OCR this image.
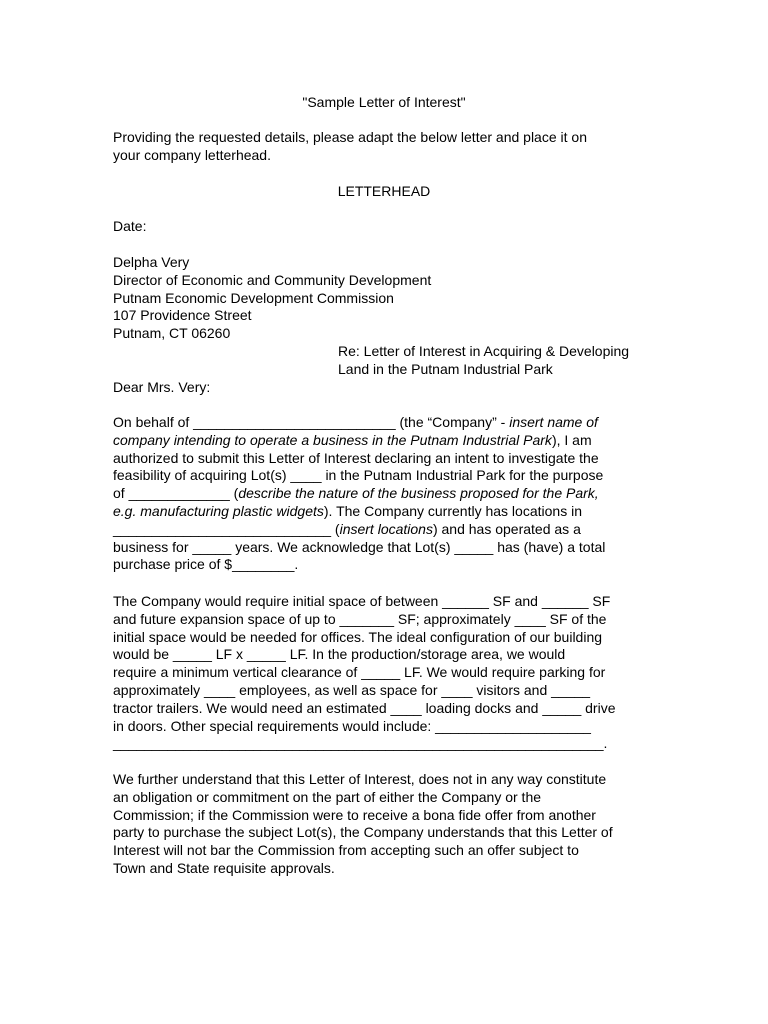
"Sample Letter of Interest"
Providing the requested details, please adapt the below letter and place it on
your company letterhead.
LETTERHEAD
Date:
Delpha Very
Director of Economic and Community Development
Putnam Economic Development Commission
107 Providence Street
Putnam, CT 06260
Re: Letter of Interest in Acquiring & Developing
Land in the Putnam Industrial Park
Dear Mrs. Very:
On behalf of __________________________ (the “Company” - insert name of
company intending to operate a business in the Putnam Industrial Park), I am
authorized to submit this Letter of Interest declaring an intent to investigate the
feasibility of acquiring Lot(s) ____ in the Putnam Industrial Park for the purpose
of _____________ (describe the nature of the business proposed for the Park,
e.g. manufacturing plastic widgets). The Company currently has locations in
____________________________ (insert locations) and has operated as a
business for _____ years. We acknowledge that Lot(s) _____ has (have) a total
purchase price of $________.
The Company would require initial space of between ______ SF and ______ SF
and future expansion space of up to _______ SF; approximately ____ SF of the
initial space would be needed for offices. The ideal configuration of our building
would be _____ LF x _____ LF. In the production/storage area, we would
require a minimum vertical clearance of _____ LF. We would require parking for
approximately ____ employees, as well as space for ____ visitors and _____
tractor trailers. We would need an estimated ____ loading docks and _____ drive
in doors. Other special requirements would include: ____________________
_______________________________________________________________.
We further understand that this Letter of Interest, does not in any way constitute
an obligation or commitment on the part of either the Company or the
Commission; if the Commission were to receive a bona fide offer from another
party to purchase the subject Lot(s), the Company understands that this Letter of
Interest will not bar the Commission from accepting such an offer subject to
Town and State requisite approvals.
